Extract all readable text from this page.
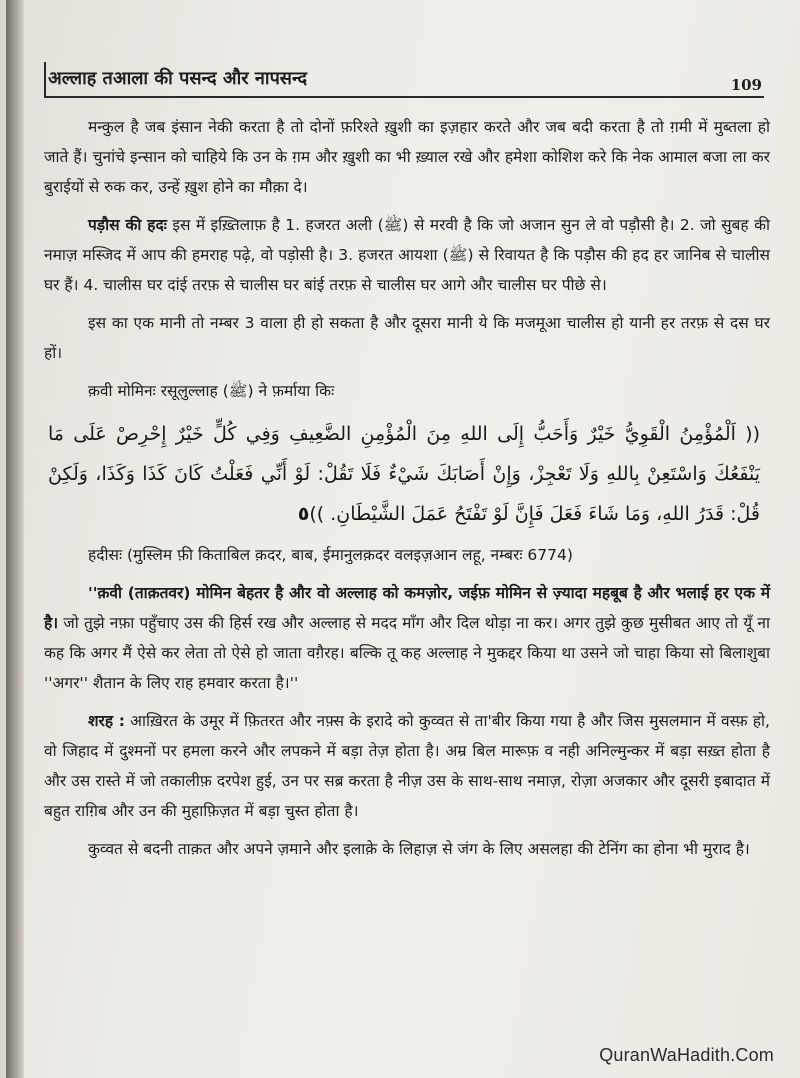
अल्लाह तआला की पसन्द और नापसन्द	109

मन्कुल है जब इंसान नेकी करता है तो दोनों फ़रिश्ते ख़ुशी का इज़हार करते और जब बदी करता है तो ग़मी में मुब्तला हो जाते हैं। चुनांचे इन्सान को चाहिये कि उन के ग़म और ख़ुशी का भी ख़्याल रखे और हमेशा कोशिश करे कि नेक आमाल बजा ला कर बुराईयों से रुक कर, उन्हें ख़ुश होने का मौक़ा दे।

पड़ौस की हदः इस में इख़्तिलाफ़ है 1. हजरत अली (ﷺ) से मरवी है कि जो अजान सुन ले वो पड़ौसी है। 2. जो सुबह की नमाज़ मस्जिद में आप की हमराह पढ़े, वो पड़ोसी है। 3. हजरत आयशा (ﷺ) से रिवायत है कि पड़ौस की हद हर जानिब से चालीस घर हैं। 4. चालीस घर दांई तरफ़ से चालीस घर बांई तरफ़ से चालीस घर आगे और चालीस घर पीछे से।

इस का एक मानी तो नम्बर 3 वाला ही हो सकता है और दूसरा मानी ये कि मजमूआ चालीस हो यानी हर तरफ़ से दस घर हों।

क़वी मोमिनः रसूलुल्लाह (ﷺ) ने फ़र्माया किः

(( اَلْمُؤْمِنُ الْقَوِيُّ خَيْرٌ وَأَحَبُّ إِلَى اللهِ مِنَ الْمُؤْمِنِ الضَّعِيفِ وَفِي كُلٍّ خَيْرٌ إِحْرِصْ عَلَى مَا يَنْفَعُكَ وَاسْتَعِنْ بِاللهِ وَلَا تَعْجِزْ، وَإِنْ أَصَابَكَ شَيْءٌ فَلَا تَقُلْ: لَوْ أَنِّي فَعَلْتُ كَانَ كَذَا وَكَذَا، وَلَكِنْ قُلْ: قَدَرُ اللهِ، وَمَا شَاءَ فَعَلَ فَإِنَّ لَوْ تَفْتَحُ عَمَلَ الشَّيْطَانِ. ))٥

हदीसः (मुस्लिम फ़ी किताबिल क़दर, बाब, ईमानुलक़दर वलइज़आन लहू, नम्बरः 6774)

''क़वी (ताक़तवर) मोमिन बेहतर है और वो अल्लाह को कमज़ोर, जईफ़ मोमिन से ज़्यादा महबूब है और भलाई हर एक में है। जो तुझे नफ़ा पहुँचाए उस की हिर्स रख और अल्लाह से मदद माँग और दिल थोड़ा ना कर। अगर तुझे कुछ मुसीबत आए तो यूँ ना कह कि अगर मैं ऐसे कर लेता तो ऐसे हो जाता वग़ैरह। बल्कि तू कह अल्लाह ने मुकद्दर किया था उसने जो चाहा किया सो बिलाशुबा ''अगर'' शैतान के लिए राह हमवार करता है।''

शरह : आख़िरत के उमूर में फ़ितरत और नफ़्स के इरादे को कुव्वत से ता'बीर किया गया है और जिस मुसलमान में वस्फ़ हो, वो जिहाद में दुश्मनों पर हमला करने और लपकने में बड़ा तेज़ होता है। अम्र बिल मारूफ़ व नही अनिल्मुन्कर में बड़ा सख़्त होता है और उस रास्ते में जो तकालीफ़ दरपेश हुई, उन पर सब्र करता है नीज़ उस के साथ-साथ नमाज़, रोज़ा अजकार और दूसरी इबादात में बहुत राग़िब और उन की मुहाफ़िज़त में बड़ा चुस्त होता है।

कुव्वत से बदनी ताक़त और अपने ज़माने और इलाक़े के लिहाज़ से जंग के लिए असलहा की टेनिंग का होना भी मुराद है।

QuranWaHadith.Com
